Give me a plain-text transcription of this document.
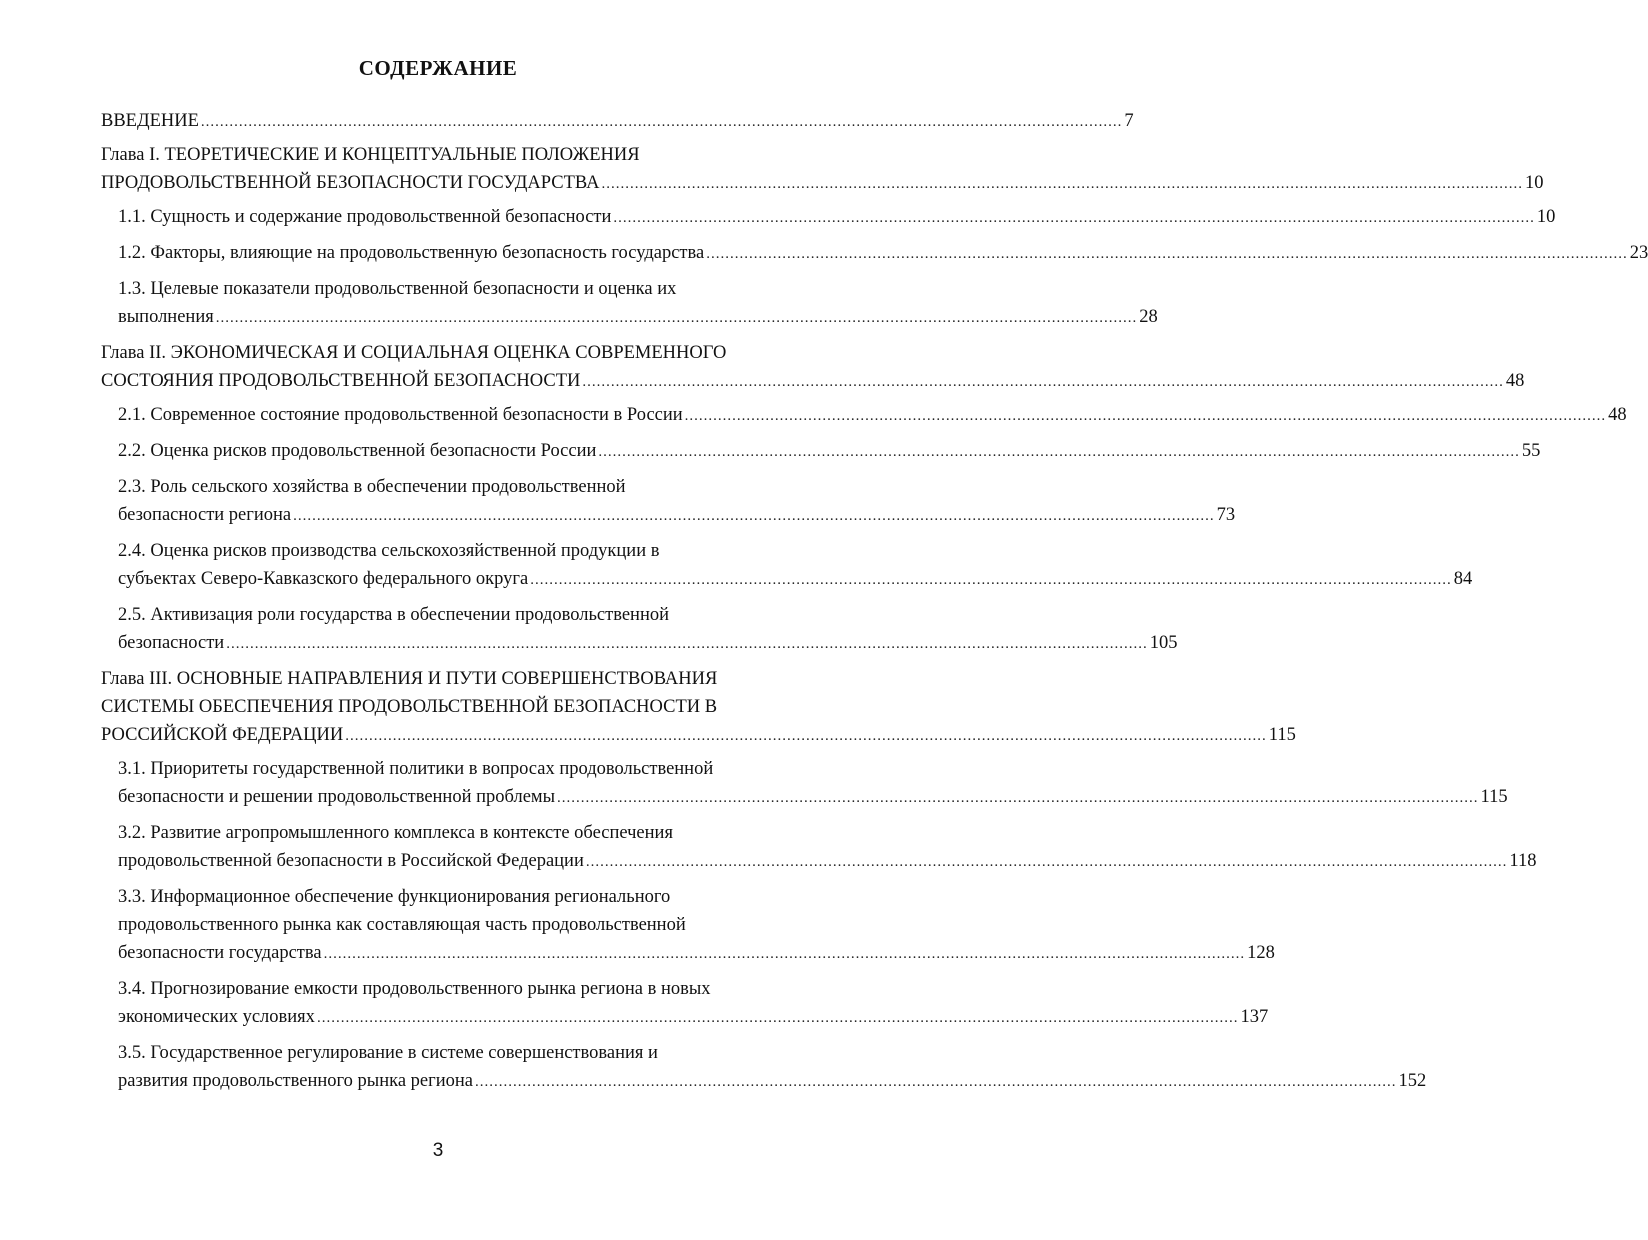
СОДЕРЖАНИЕ
ВВЕДЕНИЕ .................................................................................................................................................................................................. 7
Глава I. ТЕОРЕТИЧЕСКИЕ И КОНЦЕПТУАЛЬНЫЕ ПОЛОЖЕНИЯ
ПРОДОВОЛЬСТВЕННОЙ БЕЗОПАСНОСТИ ГОСУДАРСТВА .................................................................................................................................................................................................. 10
1.1. Сущность и содержание продовольственной безопасности .................................................................................................................................................................................................. 10
1.2. Факторы, влияющие на продовольственную безопасность государства .................................................................................................................................................................................................. 23
1.3. Целевые показатели продовольственной безопасности и оценка их
выполнения .................................................................................................................................................................................................. 28
Глава II. ЭКОНОМИЧЕСКАЯ И СОЦИАЛЬНАЯ ОЦЕНКА СОВРЕМЕННОГО
СОСТОЯНИЯ ПРОДОВОЛЬСТВЕННОЙ БЕЗОПАСНОСТИ .................................................................................................................................................................................................. 48
2.1. Современное состояние продовольственной безопасности в России .................................................................................................................................................................................................. 48
2.2. Оценка рисков продовольственной безопасности России .................................................................................................................................................................................................. 55
2.3. Роль сельского хозяйства в обеспечении продовольственной
безопасности региона .................................................................................................................................................................................................. 73
2.4. Оценка рисков производства сельскохозяйственной продукции в
субъектах Северо-Кавказского федерального округа .................................................................................................................................................................................................. 84
2.5. Активизация роли государства в обеспечении продовольственной
безопасности .................................................................................................................................................................................................. 105
Глава III. ОСНОВНЫЕ НАПРАВЛЕНИЯ И ПУТИ СОВЕРШЕНСТВОВАНИЯ
СИСТЕМЫ ОБЕСПЕЧЕНИЯ ПРОДОВОЛЬСТВЕННОЙ БЕЗОПАСНОСТИ В
РОССИЙСКОЙ ФЕДЕРАЦИИ .................................................................................................................................................................................................. 115
3.1. Приоритеты государственной политики в вопросах продовольственной
безопасности и решении продовольственной проблемы .................................................................................................................................................................................................. 115
3.2. Развитие агропромышленного комплекса в контексте обеспечения
продовольственной безопасности в Российской Федерации .................................................................................................................................................................................................. 118
3.3. Информационное обеспечение функционирования регионального
продовольственного рынка как составляющая часть продовольственной
безопасности государства .................................................................................................................................................................................................. 128
3.4. Прогнозирование емкости продовольственного рынка региона в новых
экономических условиях .................................................................................................................................................................................................. 137
3.5. Государственное регулирование в системе совершенствования и
развития продовольственного рынка региона .................................................................................................................................................................................................. 152
3
